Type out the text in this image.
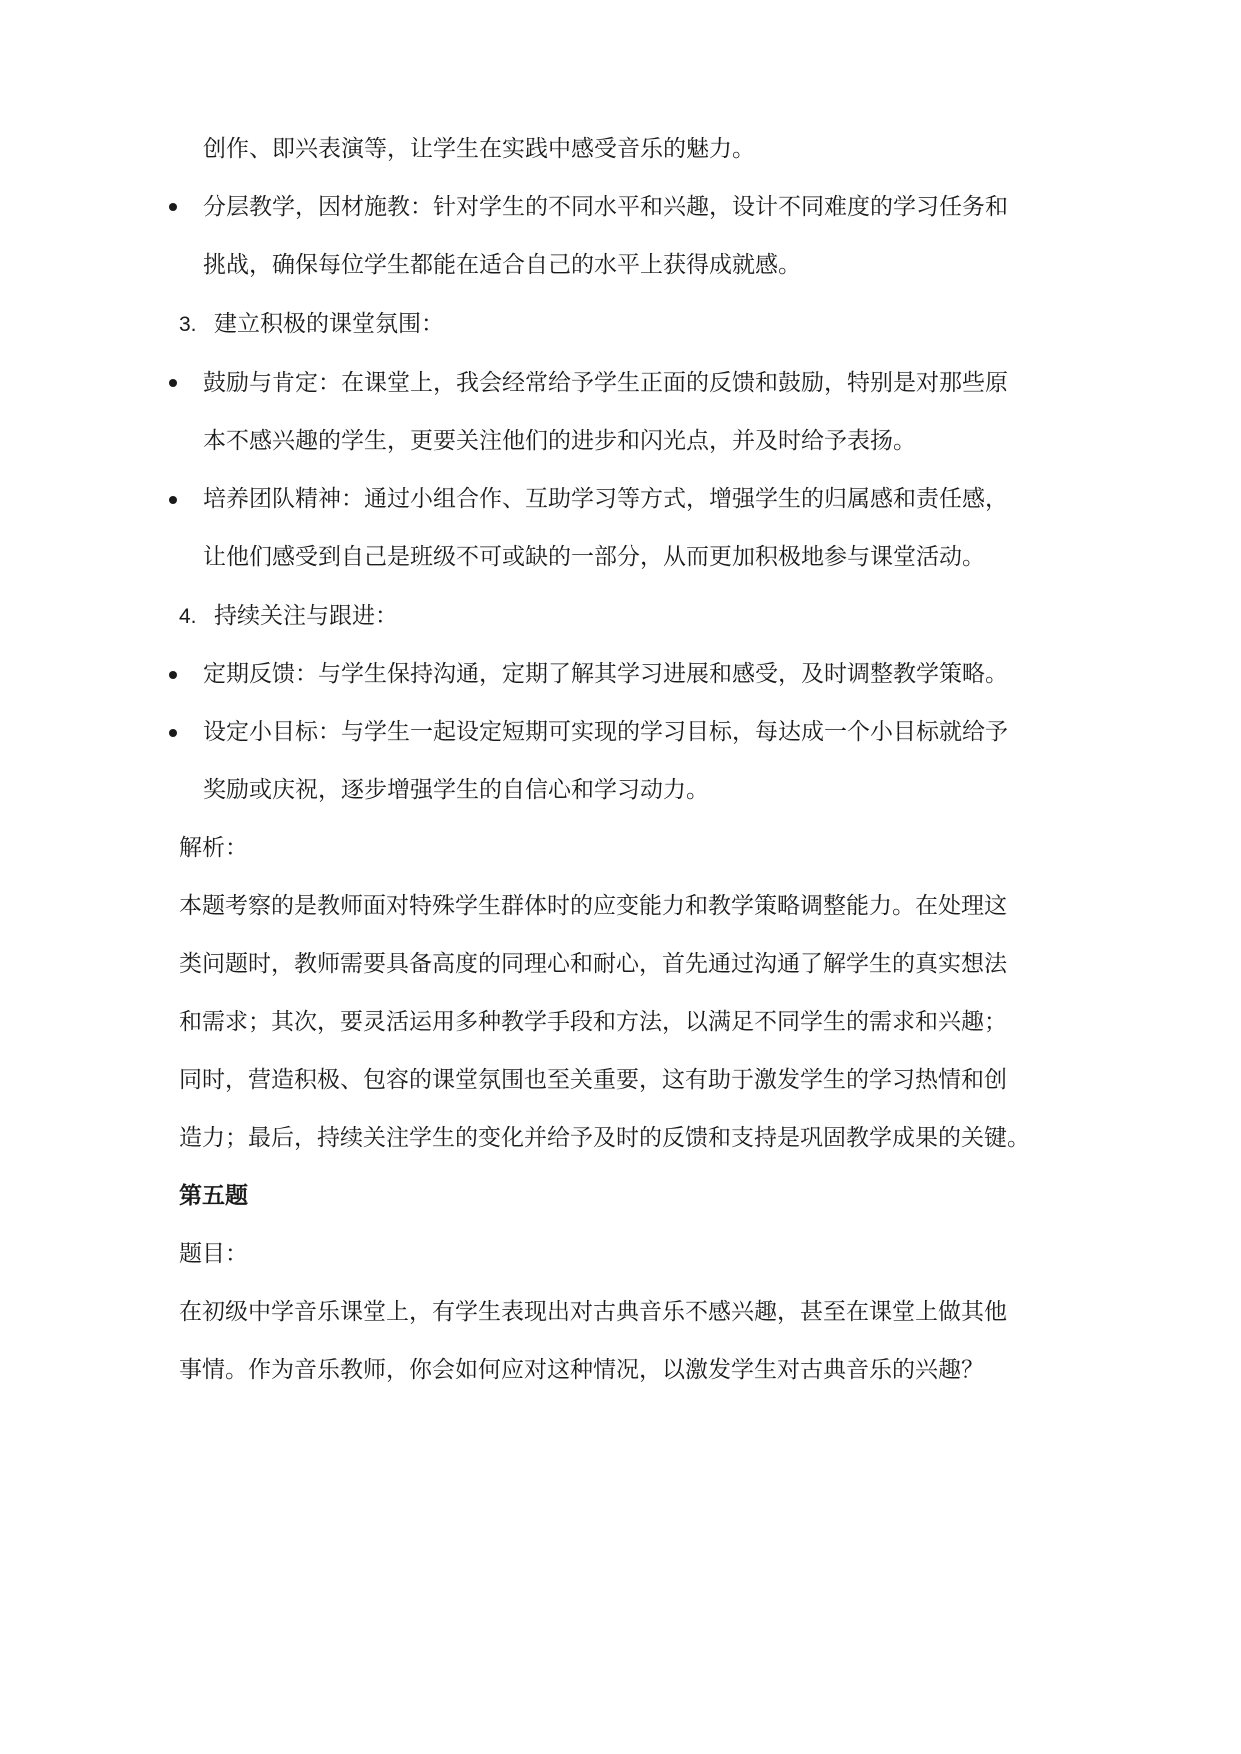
创作、即兴表演等，让学生在实践中感受音乐的魅力。
分层教学，因材施教：针对学生的不同水平和兴趣，设计不同难度的学习任务和
挑战，确保每位学生都能在适合自己的水平上获得成就感。
3. 建立积极的课堂氛围：
鼓励与肯定：在课堂上，我会经常给予学生正面的反馈和鼓励，特别是对那些原
本不感兴趣的学生，更要关注他们的进步和闪光点，并及时给予表扬。
培养团队精神：通过小组合作、互助学习等方式，增强学生的归属感和责任感，
让他们感受到自己是班级不可或缺的一部分，从而更加积极地参与课堂活动。
4. 持续关注与跟进：
定期反馈：与学生保持沟通，定期了解其学习进展和感受，及时调整教学策略。
设定小目标：与学生一起设定短期可实现的学习目标，每达成一个小目标就给予
奖励或庆祝，逐步增强学生的自信心和学习动力。
解析：
本题考察的是教师面对特殊学生群体时的应变能力和教学策略调整能力。在处理这
类问题时，教师需要具备高度的同理心和耐心，首先通过沟通了解学生的真实想法
和需求；其次，要灵活运用多种教学手段和方法，以满足不同学生的需求和兴趣；
同时，营造积极、包容的课堂氛围也至关重要，这有助于激发学生的学习热情和创
造力；最后，持续关注学生的变化并给予及时的反馈和支持是巩固教学成果的关键。
第五题
题目：
在初级中学音乐课堂上，有学生表现出对古典音乐不感兴趣，甚至在课堂上做其他
事情。作为音乐教师，你会如何应对这种情况，以激发学生对古典音乐的兴趣？
